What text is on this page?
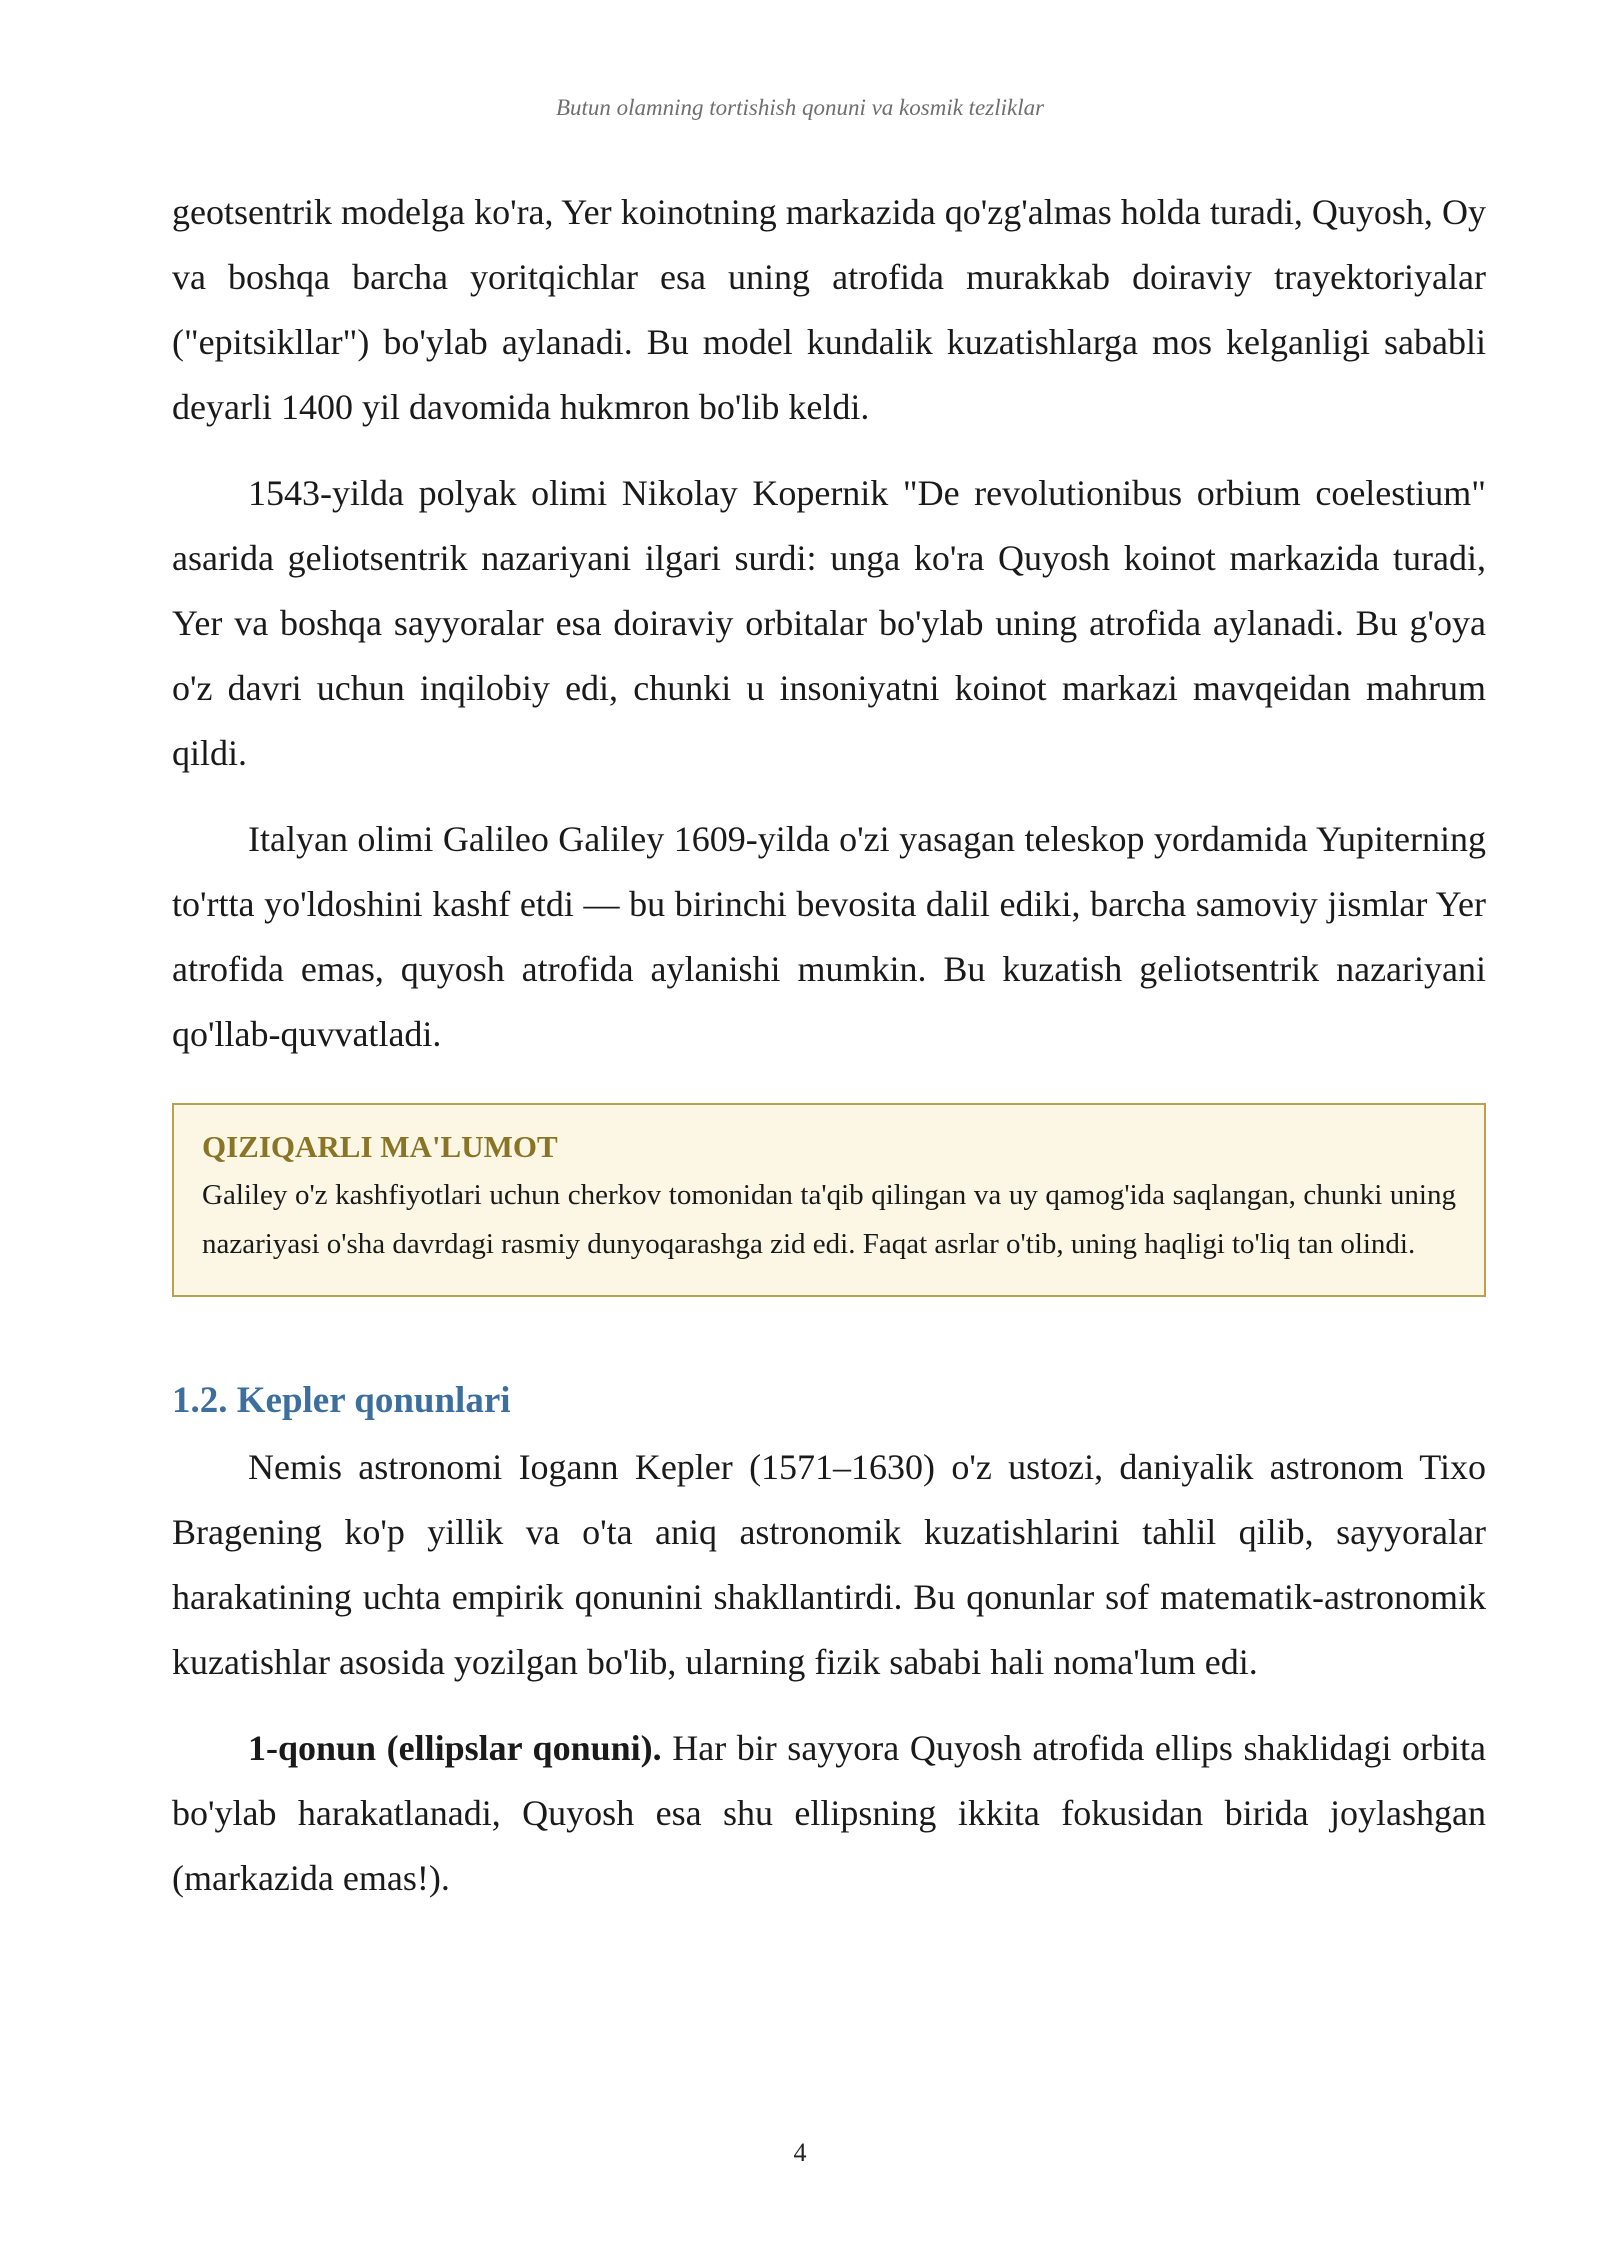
Butun olamning tortishish qonuni va kosmik tezliklar

geotsentrik modelga ko'ra, Yer koinotning markazida qo'zg'almas holda turadi, Quyosh, Oy va boshqa barcha yoritqichlar esa uning atrofida murakkab doiraviy trayektoriyalar ("epitsikllar") bo'ylab aylanadi. Bu model kundalik kuzatishlarga mos kelganligi sababli deyarli 1400 yil davomida hukmron bo'lib keldi.

1543-yilda polyak olimi Nikolay Kopernik "De revolutionibus orbium coelestium" asarida geliotsentrik nazariyani ilgari surdi: unga ko'ra Quyosh koinot markazida turadi, Yer va boshqa sayyoralar esa doiraviy orbitalar bo'ylab uning atrofida aylanadi. Bu g'oya o'z davri uchun inqilobiy edi, chunki u insoniyatni koinot markazi mavqeidan mahrum qildi.

Italyan olimi Galileo Galiley 1609-yilda o'zi yasagan teleskop yordamida Yupiterning to'rtta yo'ldoshini kashf etdi — bu birinchi bevosita dalil ediki, barcha samoviy jismlar Yer atrofida emas, quyosh atrofida aylanishi mumkin. Bu kuzatish geliotsentrik nazariyani qo'llab-quvvatladi.

QIZIQARLI MA'LUMOT

Galiley o'z kashfiyotlari uchun cherkov tomonidan ta'qib qilingan va uy qamog'ida saqlangan, chunki uning nazariyasi o'sha davrdagi rasmiy dunyoqarashga zid edi. Faqat asrlar o'tib, uning haqligi to'liq tan olindi.

1.2. Kepler qonunlari

Nemis astronomi Iogann Kepler (1571–1630) o'z ustozi, daniyalik astronom Tixo Bragening ko'p yillik va o'ta aniq astronomik kuzatishlarini tahlil qilib, sayyoralar harakatining uchta empirik qonunini shakllantirdi. Bu qonunlar sof matematik-astronomik kuzatishlar asosida yozilgan bo'lib, ularning fizik sababi hali noma'lum edi.

1-qonun (ellipslar qonuni). Har bir sayyora Quyosh atrofida ellips shaklidagi orbita bo'ylab harakatlanadi, Quyosh esa shu ellipsning ikkita fokusidan birida joylashgan (markazida emas!).

4
